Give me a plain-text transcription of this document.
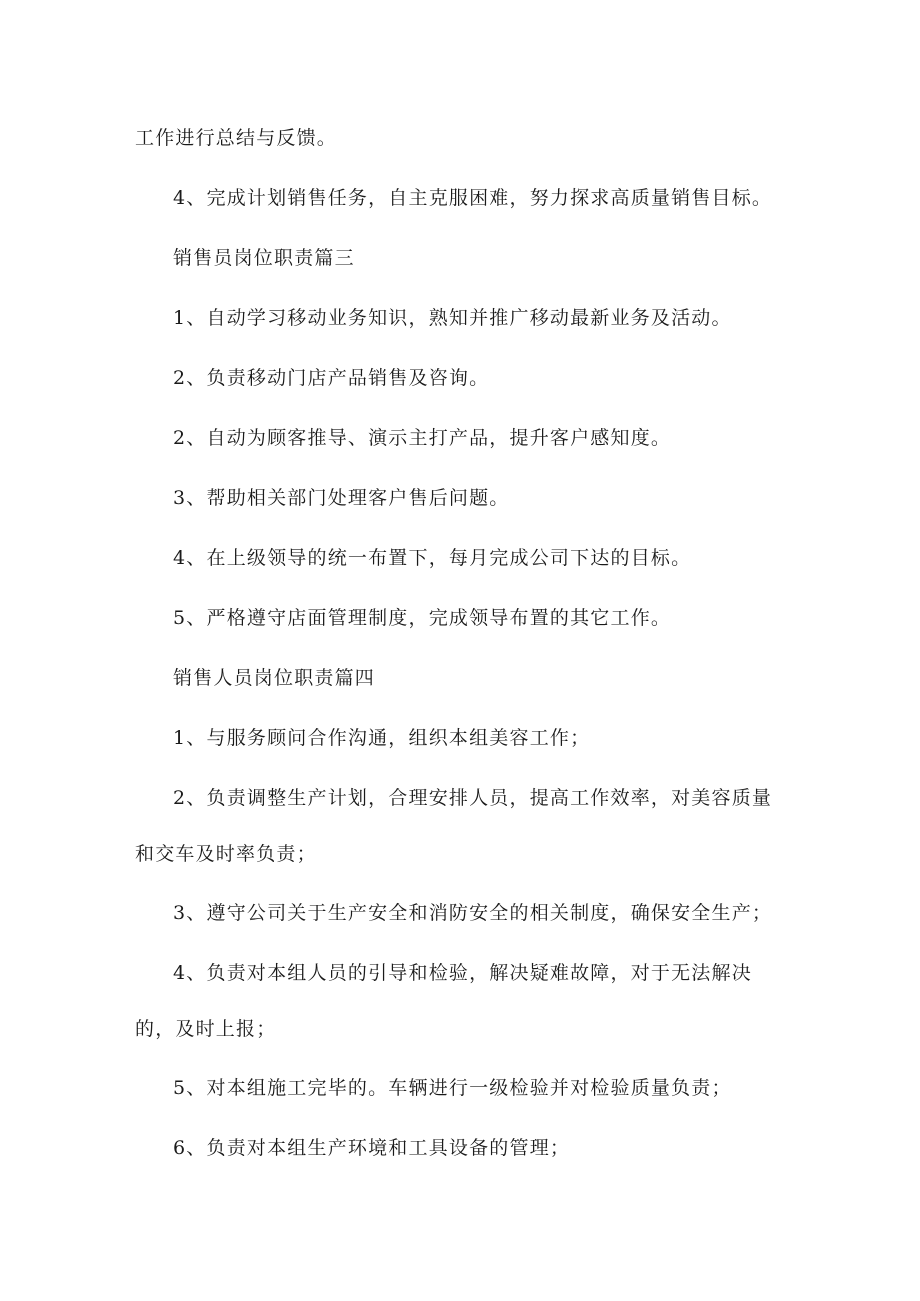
工作进行总结与反馈。

4、完成计划销售任务，自主克服困难，努力探求高质量销售目标。

销售员岗位职责篇三

1、自动学习移动业务知识，熟知并推广移动最新业务及活动。

2、负责移动门店产品销售及咨询。

2、自动为顾客推导、演示主打产品，提升客户感知度。

3、帮助相关部门处理客户售后问题。

4、在上级领导的统一布置下，每月完成公司下达的目标。

5、严格遵守店面管理制度，完成领导布置的其它工作。

销售人员岗位职责篇四

1、与服务顾问合作沟通，组织本组美容工作；

2、负责调整生产计划，合理安排人员，提高工作效率，对美容质量和交车及时率负责；

3、遵守公司关于生产安全和消防安全的相关制度，确保安全生产；

4、负责对本组人员的引导和检验，解决疑难故障，对于无法解决的，及时上报；

5、对本组施工完毕的。车辆进行一级检验并对检验质量负责；

6、负责对本组生产环境和工具设备的管理；
